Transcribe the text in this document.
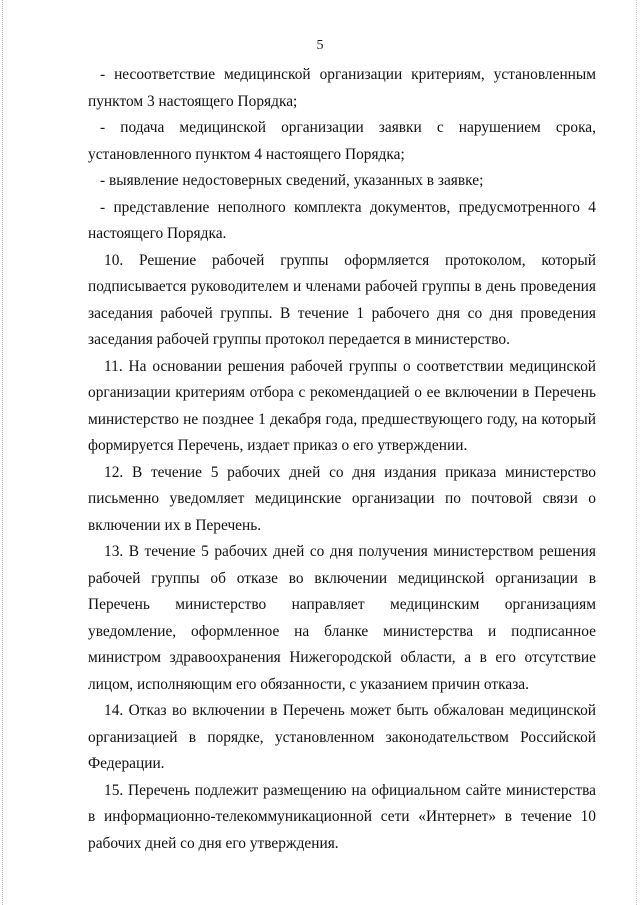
5

- несоответствие медицинской организации критериям, установленным пунктом 3 настоящего Порядка;

- подача медицинской организации заявки с нарушением срока, установленного пунктом 4 настоящего Порядка;

- выявление недостоверных сведений, указанных в заявке;

- представление неполного комплекта документов, предусмотренного 4 настоящего Порядка.

10. Решение рабочей группы оформляется протоколом, который подписывается руководителем и членами рабочей группы в день проведения заседания рабочей группы. В течение 1 рабочего дня со дня проведения заседания рабочей группы протокол передается в министерство.

11. На основании решения рабочей группы о соответствии медицинской организации критериям отбора с рекомендацией о ее включении в Перечень министерство не позднее 1 декабря года, предшествующего году, на который формируется Перечень, издает приказ о его утверждении.

12. В течение 5 рабочих дней со дня издания приказа министерство письменно уведомляет медицинские организации по почтовой связи о включении их в Перечень.

13. В течение 5 рабочих дней со дня получения министерством решения рабочей группы об отказе во включении медицинской организации в Перечень министерство направляет медицинским организациям уведомление, оформленное на бланке министерства и подписанное министром здравоохранения Нижегородской области, а в его отсутствие лицом, исполняющим его обязанности, с указанием причин отказа.

14. Отказ во включении в Перечень может быть обжалован медицинской организацией в порядке, установленном законодательством Российской Федерации.

15. Перечень подлежит размещению на официальном сайте министерства в информационно-телекоммуникационной сети «Интернет» в течение 10 рабочих дней со дня его утверждения.
